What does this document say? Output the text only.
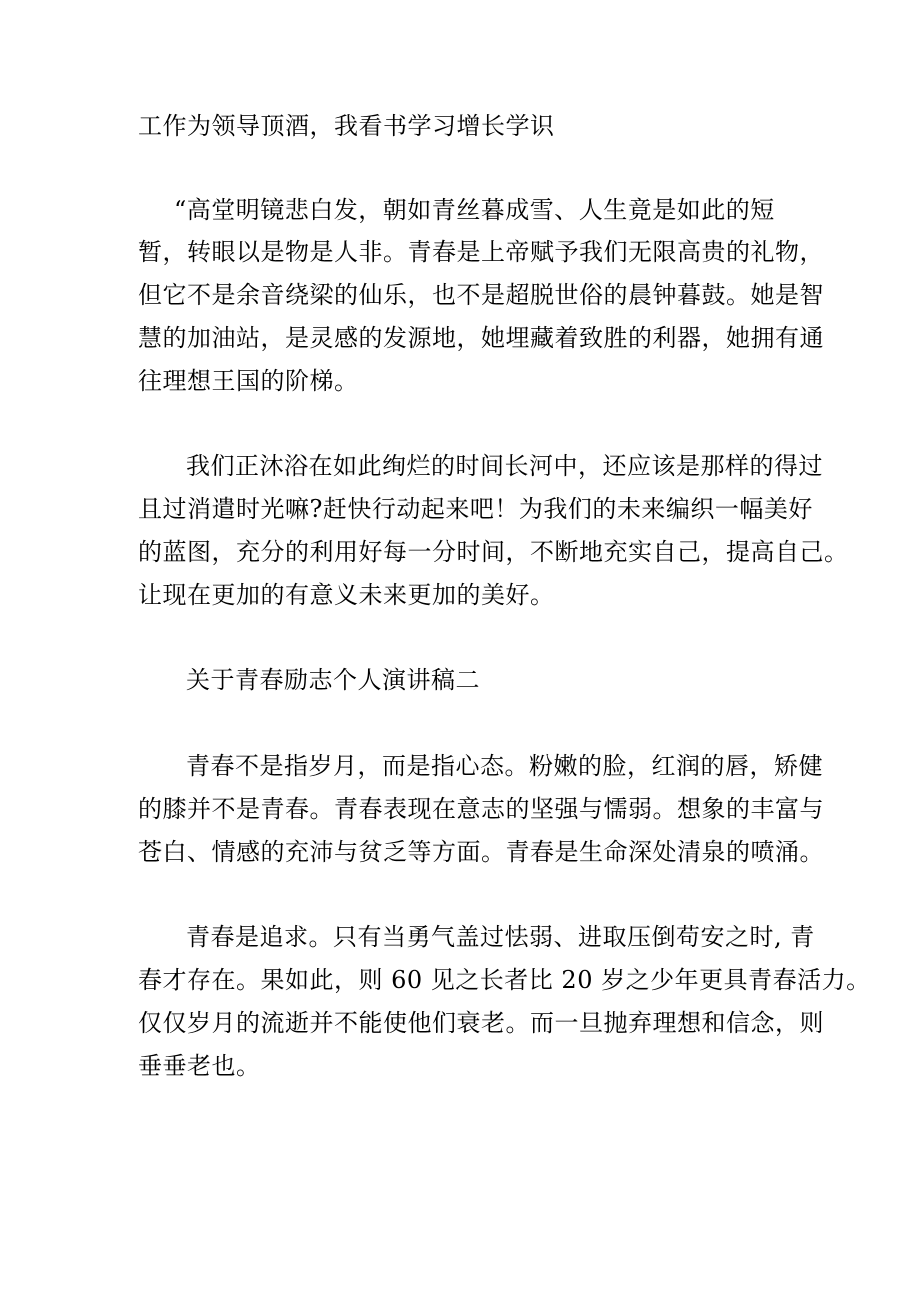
工作为领导顶酒，我看书学习增长学识

“高堂明镜悲白发，朝如青丝暮成雪、人生竟是如此的短

暂，转眼以是物是人非。青春是上帝赋予我们无限高贵的礼物，

但它不是余音绕梁的仙乐，也不是超脱世俗的晨钟暮鼓。她是智

慧的加油站，是灵感的发源地，她埋藏着致胜的利器，她拥有通

往理想王国的阶梯。

我们正沐浴在如此绚烂的时间长河中，还应该是那样的得过

且过消遣时光嘛?赶快行动起来吧！为我们的未来编织一幅美好

的蓝图，充分的利用好每一分时间，不断地充实自己，提高自己。

让现在更加的有意义未来更加的美好。

关于青春励志个人演讲稿二

青春不是指岁月，而是指心态。粉嫩的脸，红润的唇，矫健

的膝并不是青春。青春表现在意志的坚强与懦弱。想象的丰富与

苍白、情感的充沛与贫乏等方面。青春是生命深处清泉的喷涌。

青春是追求。只有当勇气盖过怯弱、进取压倒苟安之时, 青

春才存在。果如此，则 60 见之长者比 20 岁之少年更具青春活力。

仅仅岁月的流逝并不能使他们衰老。而一旦抛弃理想和信念，则

垂垂老也。
